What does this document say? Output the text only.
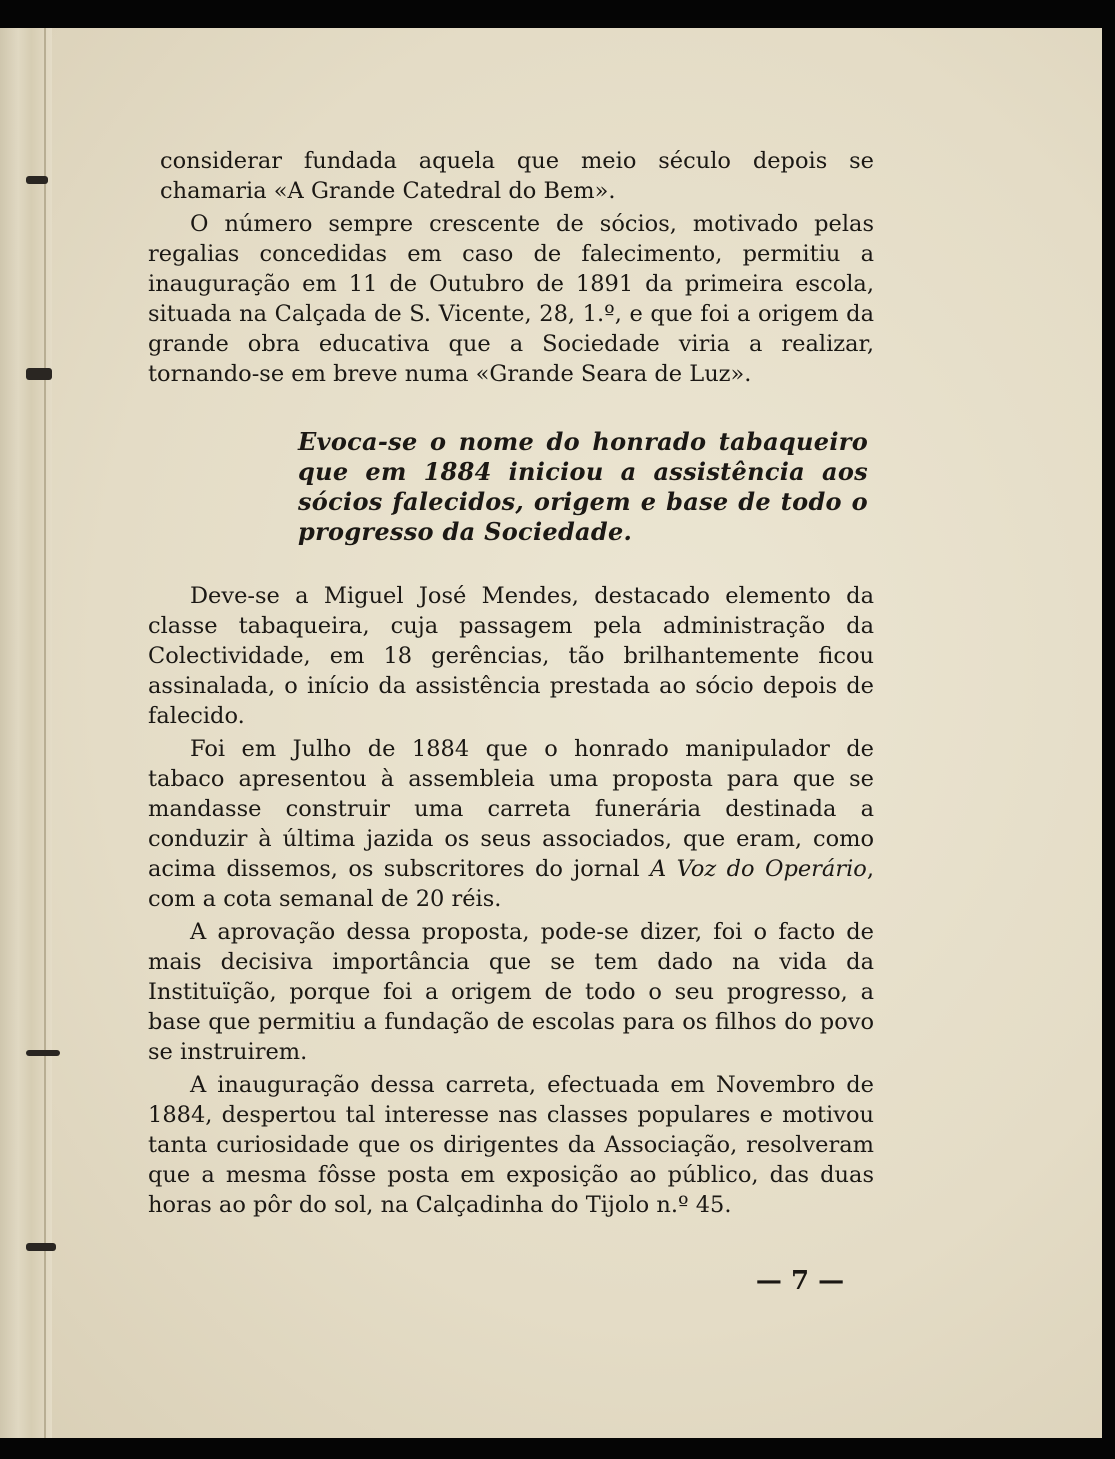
considerar fundada aquela que meio século depois se chamaria «A Grande Catedral do Bem».

O número sempre crescente de sócios, motivado pelas regalias concedidas em caso de falecimento, permitiu a inauguração em 11 de Outubro de 1891 da primeira escola, situada na Calçada de S. Vicente, 28, 1.º, e que foi a origem da grande obra educativa que a Sociedade viria a realizar, tornando-se em breve numa «Grande Seara de Luz».

Evoca-se o nome do honrado tabaqueiro que em 1884 iniciou a assistência aos sócios falecidos, origem e base de todo o progresso da Sociedade.

Deve-se a Miguel José Mendes, destacado elemento da classe tabaqueira, cuja passagem pela administração da Colectividade, em 18 gerências, tão brilhantemente ficou assinalada, o início da assistência prestada ao sócio depois de falecido.

Foi em Julho de 1884 que o honrado manipulador de tabaco apresentou à assembleia uma proposta para que se mandasse construir uma carreta funerária destinada a conduzir à última jazida os seus associados, que eram, como acima dissemos, os subscritores do jornal A Voz do Operário, com a cota semanal de 20 réis.

A aprovação dessa proposta, pode-se dizer, foi o facto de mais decisiva importância que se tem dado na vida da Instituïção, porque foi a origem de todo o seu progresso, a base que permitiu a fundação de escolas para os filhos do povo se instruirem.

A inauguração dessa carreta, efectuada em Novembro de 1884, despertou tal interesse nas classes populares e motivou tanta curiosidade que os dirigentes da Associação, resolveram que a mesma fôsse posta em exposição ao público, das duas horas ao pôr do sol, na Calçadinha do Tijolo n.º 45.

— 7 —
